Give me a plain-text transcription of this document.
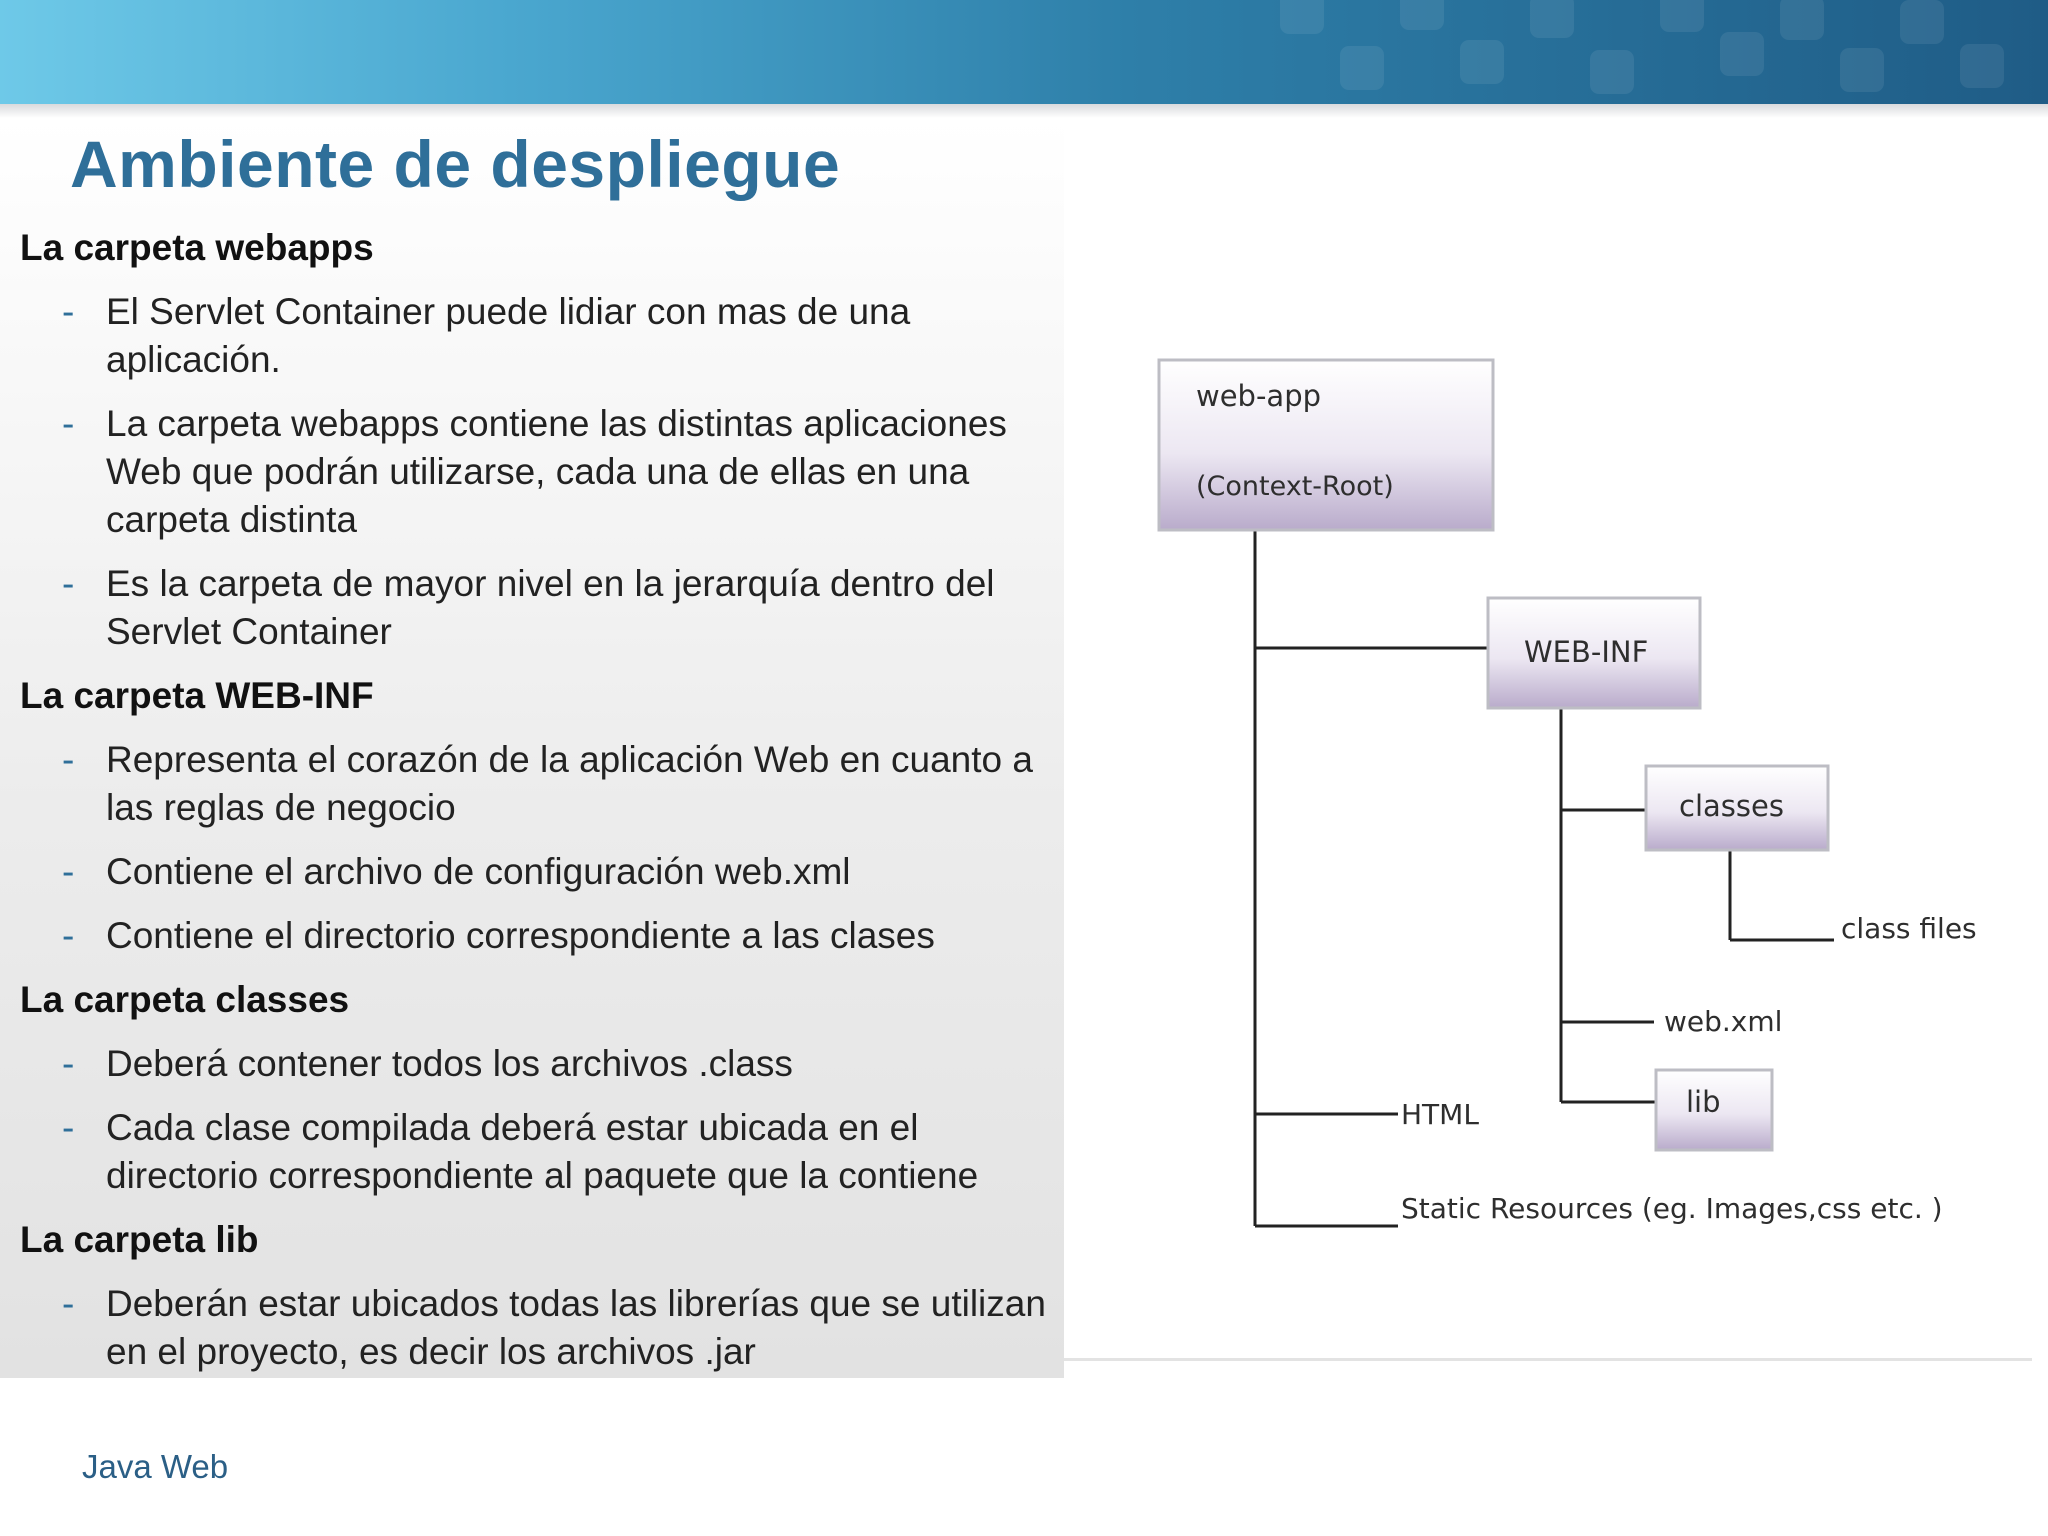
Ambiente de despliegue
La carpeta webapps
- El Servlet Container puede lidiar con mas de una aplicación.
- La carpeta webapps contiene las distintas aplicaciones Web que podrán utilizarse, cada una de ellas en una carpeta distinta
- Es la carpeta de mayor nivel en la jerarquía dentro del Servlet Container
La carpeta WEB-INF
- Representa el corazón de la aplicación Web en cuanto a las reglas de negocio
- Contiene el archivo de configuración web.xml
- Contiene el directorio correspondiente a las clases
La carpeta classes
- Deberá contener todos los archivos .class
- Cada clase compilada deberá estar ubicada en el directorio correspondiente al paquete que la contiene
La carpeta lib
- Deberán estar ubicados todas las librerías que se utilizan en el proyecto, es decir los archivos .jar
web-app
(Context-Root)
WEB-INF
classes
lib
class files
web.xml
HTML
Static Resources (eg. Images,css etc. )
Java Web
